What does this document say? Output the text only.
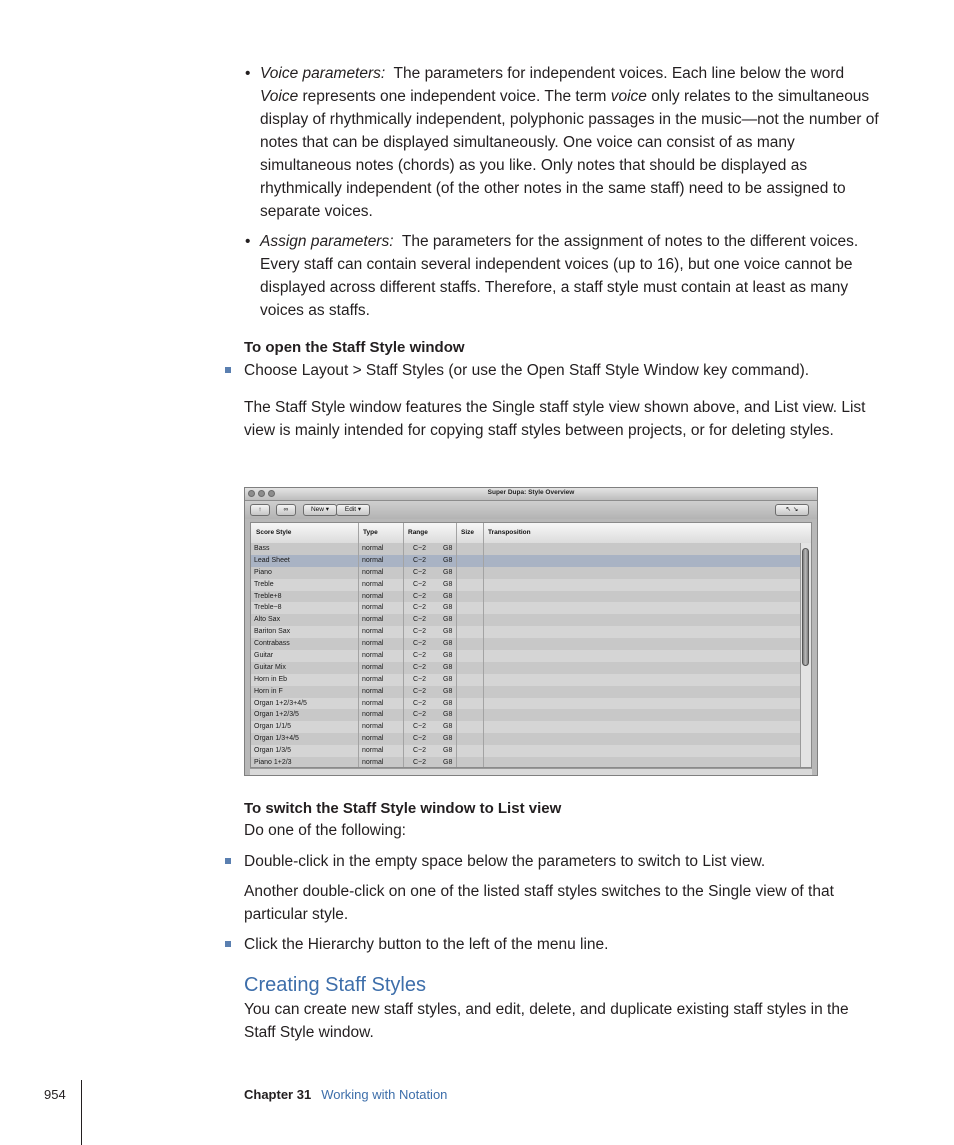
• Voice parameters:  The parameters for independent voices. Each line below the word Voice represents one independent voice. The term voice only relates to the simultaneous display of rhythmically independent, polyphonic passages in the music—not the number of notes that can be displayed simultaneously. One voice can consist of as many simultaneous notes (chords) as you like. Only notes that should be displayed as rhythmically independent (of the other notes in the same staff) need to be assigned to separate voices.
• Assign parameters:  The parameters for the assignment of notes to the different voices. Every staff can contain several independent voices (up to 16), but one voice cannot be displayed across different staffs. Therefore, a staff style must contain at least as many voices as staffs.
To open the Staff Style window
Choose Layout > Staff Styles (or use the Open Staff Style Window key command).
The Staff Style window features the Single staff style view shown above, and List view. List view is mainly intended for copying staff styles between projects, or for deleting styles.
Super Dupa: Style Overview
↑	∞	New ▾	Edit ▾	↖ ↘
Score Style	Type	Range	Size Transposition
Bass	normal	C−2 G8
Lead Sheet	normal	C−2 G8
Piano	normal	C−2 G8
Treble	normal	C−2 G8
Treble+8	normal	C−2 G8
Treble−8	normal	C−2 G8
Alto Sax	normal	C−2 G8
Bariton Sax	normal	C−2 G8
Contrabass	normal	C−2 G8
Guitar	normal	C−2 G8
Guitar Mix	normal	C−2 G8
Horn in Eb	normal	C−2 G8
Horn in F	normal	C−2 G8
Organ 1+2/3+4/5	normal	C−2 G8
Organ 1+2/3/5	normal	C−2 G8
Organ 1/1/5	normal	C−2 G8
Organ 1/3+4/5	normal	C−2 G8
Organ 1/3/5	normal	C−2 G8
Piano 1+2/3	normal	C−2 G8
To switch the Staff Style window to List view
Do one of the following:
Double-click in the empty space below the parameters to switch to List view.
Another double-click on one of the listed staff styles switches to the Single view of that particular style.
Click the Hierarchy button to the left of the menu line.
Creating Staff Styles
You can create new staff styles, and edit, delete, and duplicate existing staff styles in the Staff Style window.
954	Chapter 31 Working with Notation
